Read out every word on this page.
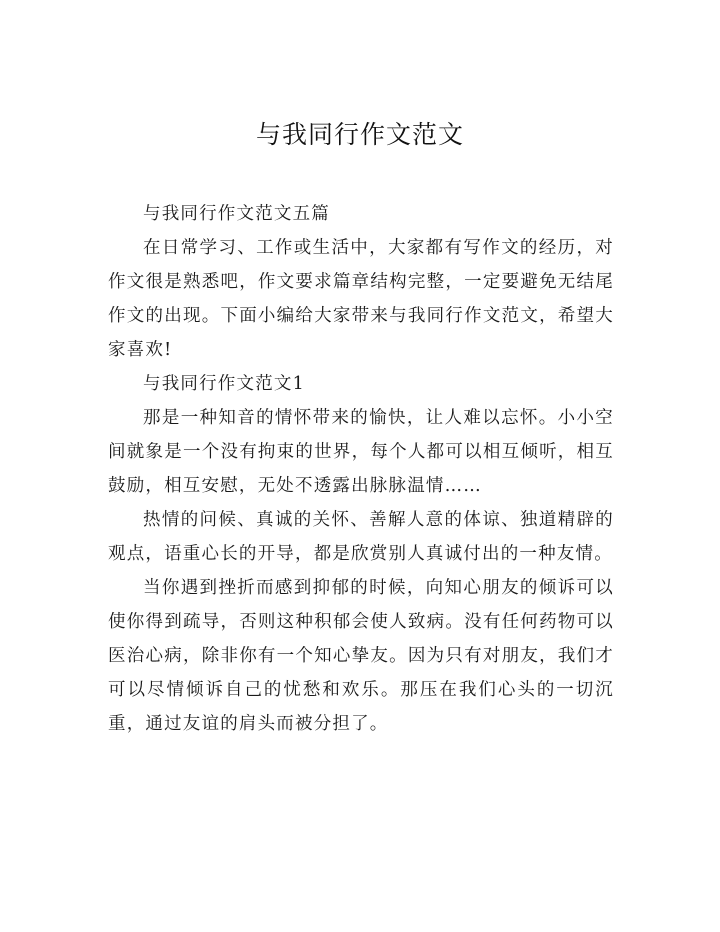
与我同行作文范文

与我同行作文范文五篇

在日常学习、工作或生活中，大家都有写作文的经历，对作文很是熟悉吧，作文要求篇章结构完整，一定要避免无结尾作文的出现。下面小编给大家带来与我同行作文范文，希望大家喜欢!

与我同行作文范文1

那是一种知音的情怀带来的愉快，让人难以忘怀。小小空间就象是一个没有拘束的世界，每个人都可以相互倾听，相互鼓励，相互安慰，无处不透露出脉脉温情……

热情的问候、真诚的关怀、善解人意的体谅、独道精辟的观点，语重心长的开导，都是欣赏别人真诚付出的一种友情。

当你遇到挫折而感到抑郁的时候，向知心朋友的倾诉可以使你得到疏导，否则这种积郁会使人致病。没有任何药物可以医治心病，除非你有一个知心挚友。因为只有对朋友，我们才可以尽情倾诉自己的忧愁和欢乐。那压在我们心头的一切沉重，通过友谊的肩头而被分担了。
